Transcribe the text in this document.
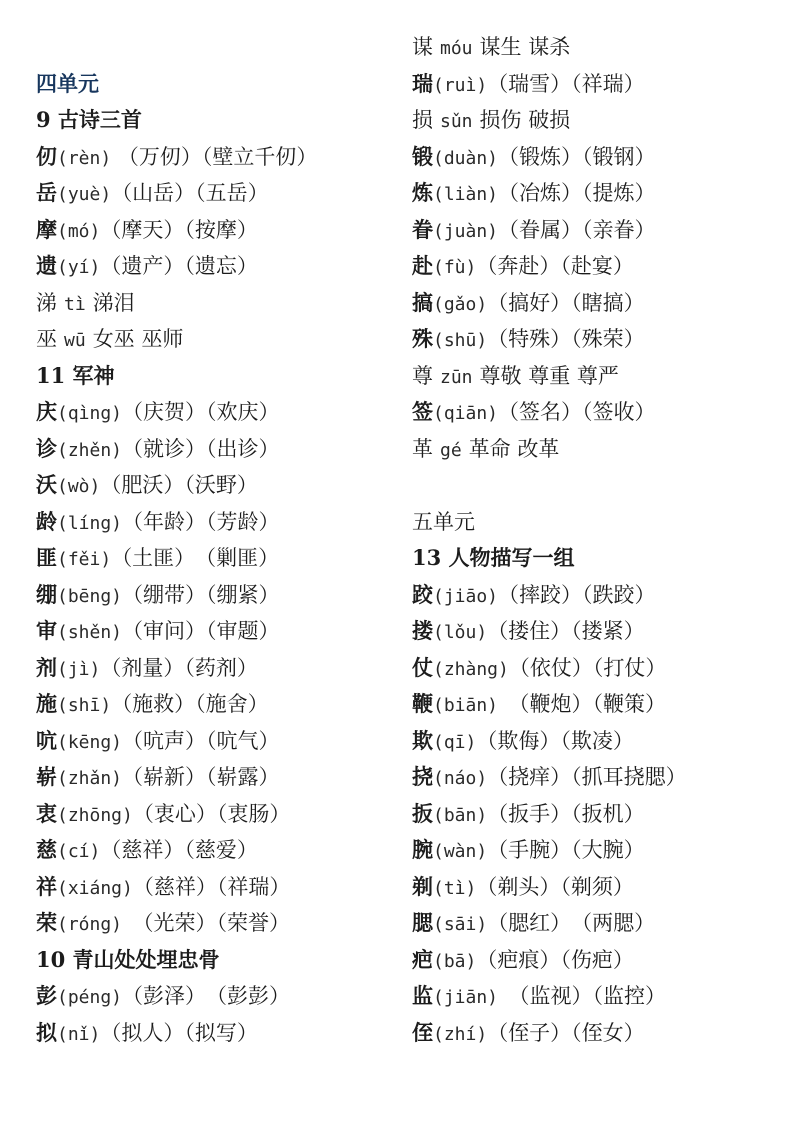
四单元
9 古诗三首
仞(rèn) （万仞）（壁立千仞）
岳(yuè)（山岳）（五岳）
摩(mó)（摩天）（按摩）
遗(yí)（遗产）（遗忘）
涕 tì 涕泪
巫 wū 女巫 巫师
11 军神
庆(qìng)（庆贺）（欢庆）
诊(zhěn)（就诊）（出诊）
沃(wò)（肥沃）（沃野）
龄(líng)（年龄）（芳龄）
匪(fěi)（土匪）　（剿匪）
绷(bēng)（绷带）（绷紧）
审(shěn)（审问）（审题）
剂(jì)（剂量）（药剂）
施(shī)（施救）（施舍）
吭(kēng)（吭声）（吭气）
崭(zhǎn)（崭新）（崭露）
衷(zhōng)（衷心）（衷肠）
慈(cí)（慈祥）（慈爱）
祥(xiáng)（慈祥）（祥瑞）
荣(róng)　（光荣）（荣誉）
10 青山处处埋忠骨
彭(péng)（彭泽）　（彭彭）
拟(nǐ)（拟人）（拟写）
谋 móu 谋生 谋杀
瑞(ruì)（瑞雪）（祥瑞）
损 sǔn 损伤 破损
锻(duàn)（锻炼）（锻钢）
炼(liàn)（冶炼）（提炼）
眷(juàn)（眷属）（亲眷）
赴(fù)（奔赴）（赴宴）
搞(gǎo)（搞好）（瞎搞）
殊(shū)（特殊）（殊荣）
尊 zūn 尊敬 尊重 尊严
签(qiān)（签名）（签收）
革 gé 革命 改革
五单元
13 人物描写一组
跤(jiāo)（摔跤）（跌跤）
搂(lǒu)（搂住）（搂紧）
仗(zhàng)（依仗）（打仗）
鞭(biān)　（鞭炮）（鞭策）
欺(qī)（欺侮）（欺凌）
挠(náo)（挠痒）（抓耳挠腮）
扳(bān)（扳手）（扳机）
腕(wàn)（手腕）（大腕）
剃(tì)（剃头）（剃须）
腮(sāi)（腮红）　（两腮）
疤(bā)（疤痕）（伤疤）
监(jiān)　（监视）（监控）
侄(zhí)（侄子）（侄女）
